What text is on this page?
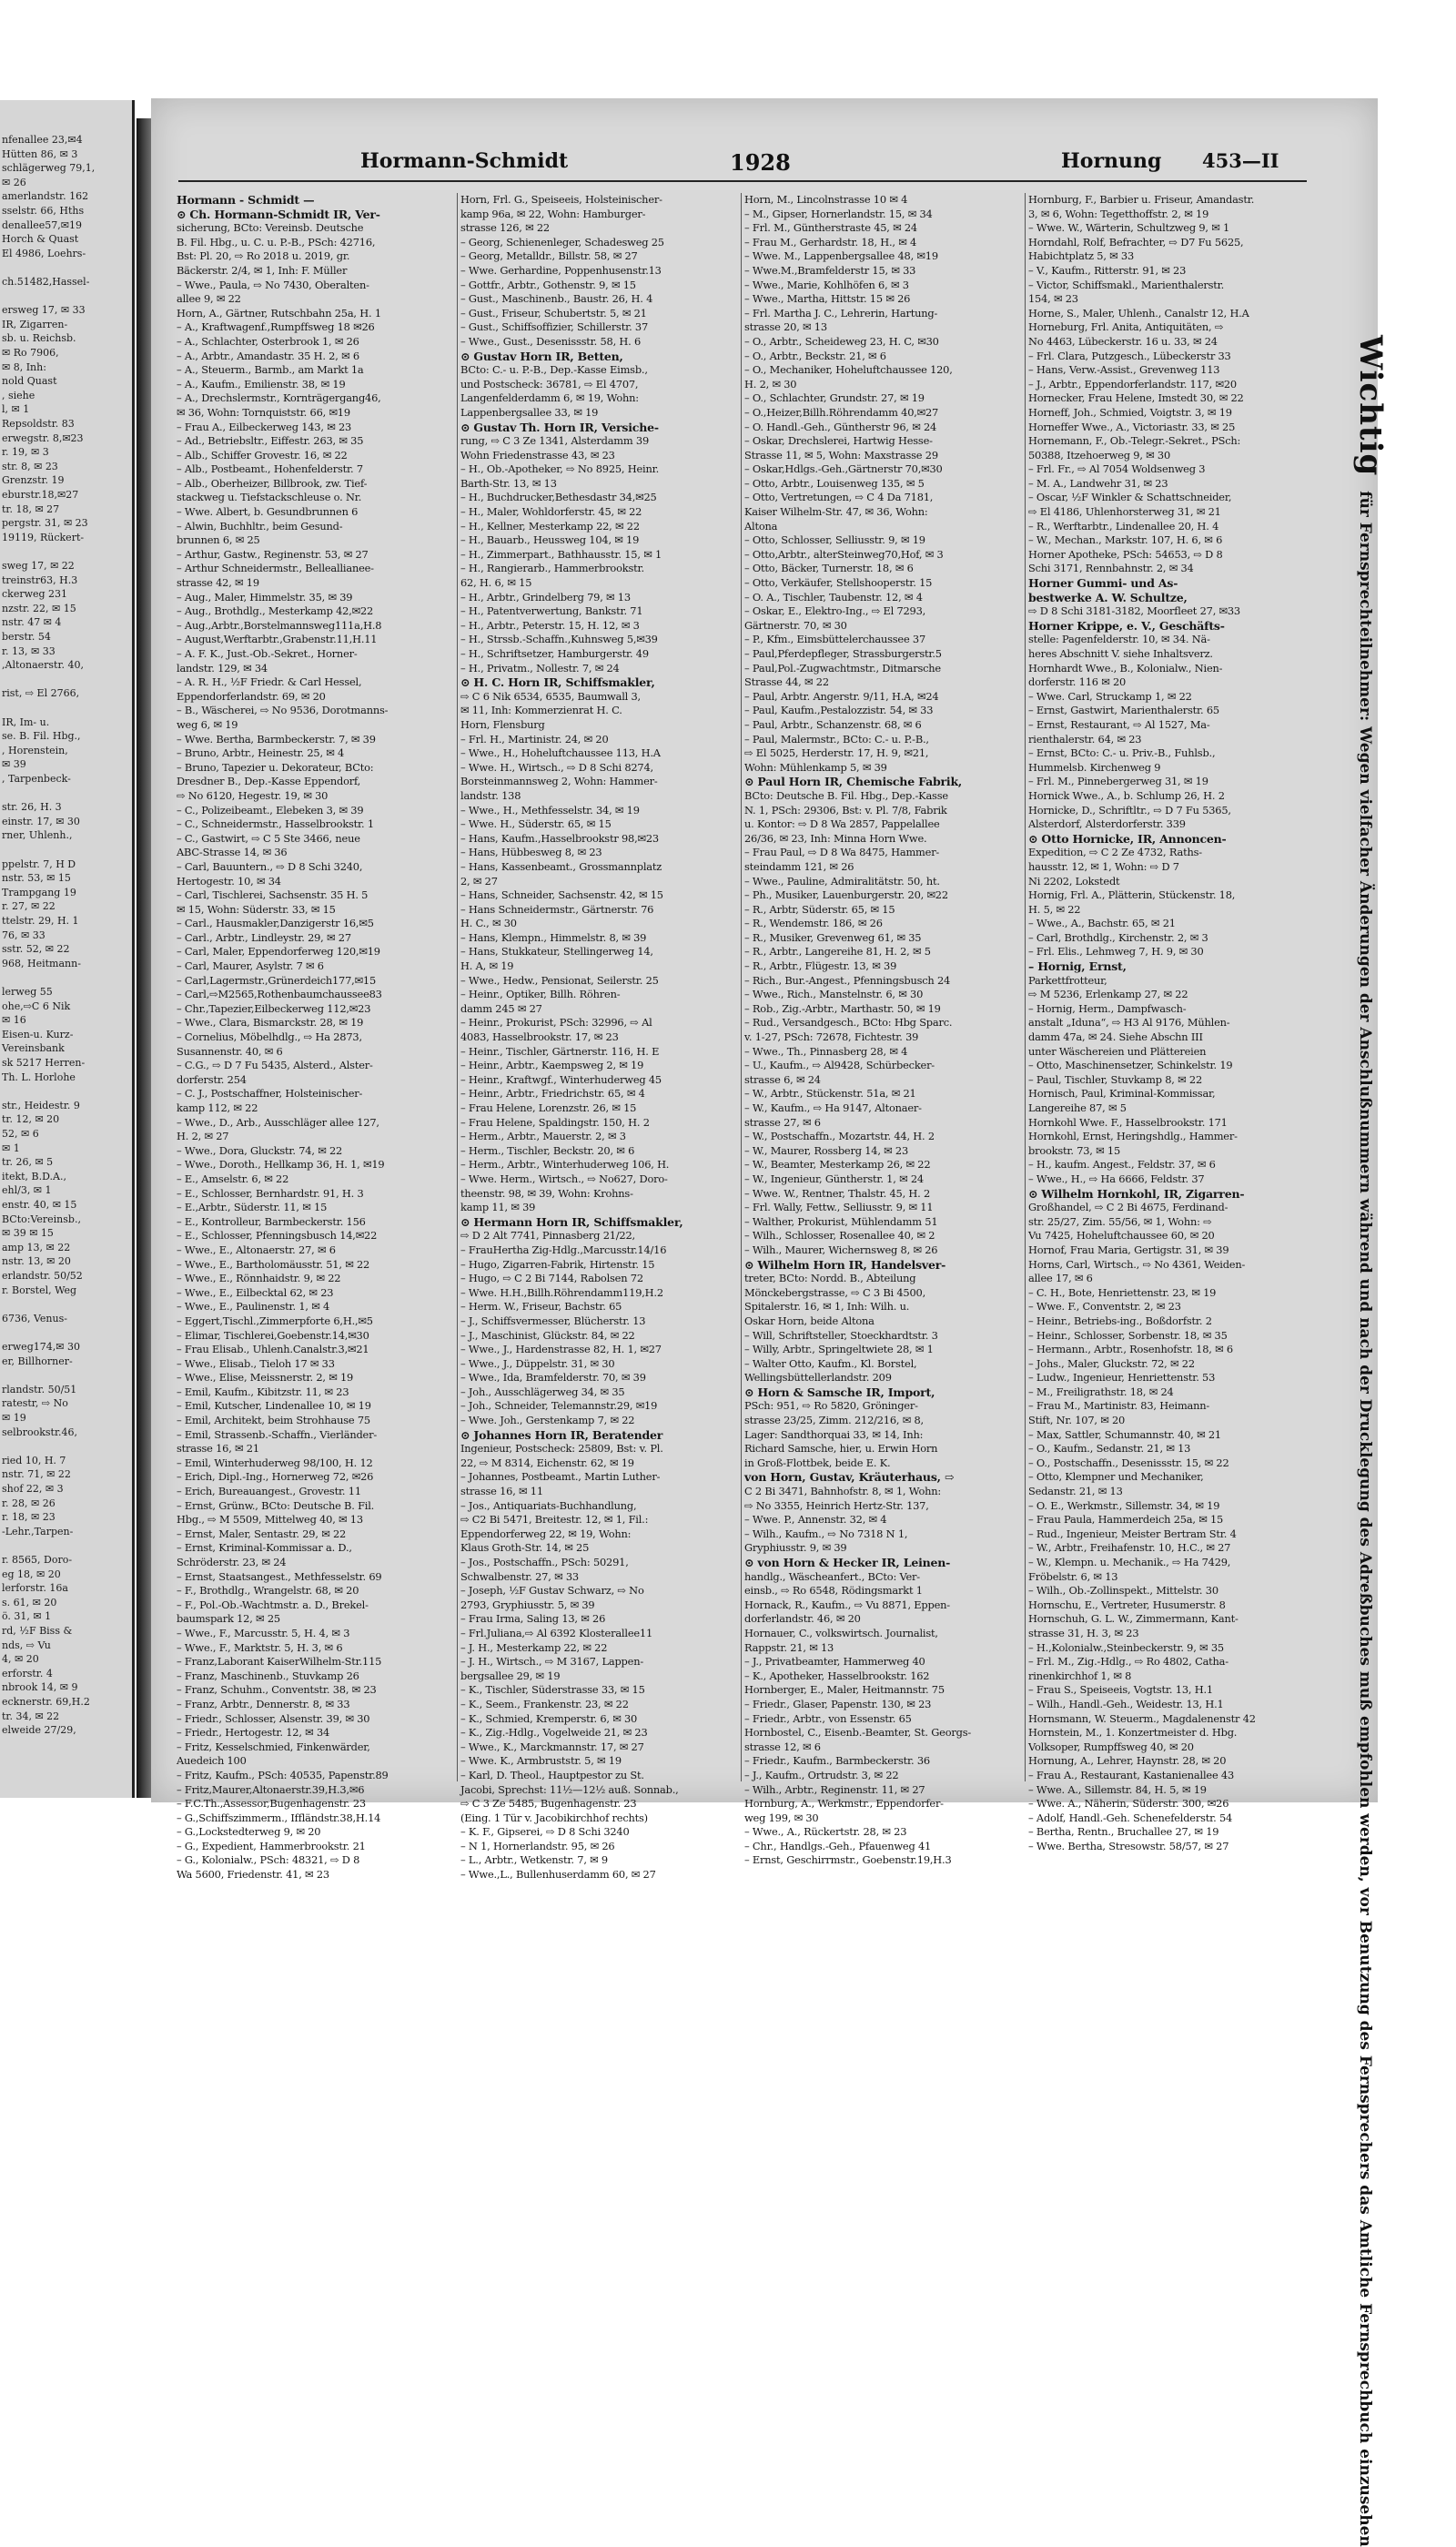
nfenallee 23,✉4
Hütten 86, ✉ 3
schlägerweg 79,1,
✉ 26
amerlandstr. 162
sselstr. 66, Hths
denallee57,✉19
Horch & Quast
El 4986, Loehrs-
ch.51482,Hassel-
ersweg 17, ✉ 33
IR, Zigarren-
sb. u. Reichsb.
✉ Ro 7906,
✉ 8, Inh:
nold Quast
, siehe
l, ✉ 1
Repsoldstr. 83
erwegstr. 8,✉23
r. 19, ✉ 3
str. 8, ✉ 23
Grenzstr. 19
eburstr.18,✉27
tr. 18, ✉ 27
pergstr. 31, ✉ 23
19119, Rückert-
sweg 17, ✉ 22
treinstr63, H.3
ckerweg 231
nzstr. 22, ✉ 15
nstr. 47 ✉ 4
berstr. 54
r. 13, ✉ 33
,Altonaerstr. 40,
rist, ⇨ El 2766,
IR, Im- u.
se. B. Fil. Hbg.,
, Horenstein,
✉ 39
, Tarpenbeck-
str. 26, H. 3
einstr. 17, ✉ 30
rner, Uhlenh.,
ppelstr. 7, H D
nstr. 53, ✉ 15
Trampgang 19
r. 27, ✉ 22
ttelstr. 29, H. 1
76, ✉ 33
sstr. 52, ✉ 22
968, Heitmann-
lerweg 55
ohe,⇨C 6 Nik
✉ 16
Eisen-u. Kurz-
Vereinsbank
sk 5217 Herren-
Th. L. Horlohe
str., Heidestr. 9
tr. 12, ✉ 20
52, ✉ 6
✉ 1
tr. 26, ✉ 5
itekt, B.D.A.,
ehl/3, ✉ 1
enstr. 40, ✉ 15
BCto:Vereinsb.,
✉ 39 ✉ 15
amp 13, ✉ 22
nstr. 13, ✉ 20
erlandstr. 50/52
r. Borstel, Weg
6736, Venus-
erweg174,✉ 30
er, Billhorner-
rlandstr. 50/51
ratestr, ⇨ No
✉ 19
selbrookstr.46,
ried 10, H. 7
nstr. 71, ✉ 22
shof 22, ✉ 3
r. 28, ✉ 26
r. 18, ✉ 23
-Lehr.,Tarpen-
r. 8565, Doro-
eg 18, ✉ 20
lerforstr. 16a
s. 61, ✉ 20
ö. 31, ✉ 1
rd, ½F Biss &
nds, ⇨ Vu
4, ✉ 20
erforstr. 4
nbrook 14, ✉ 9
ecknerstr. 69,H.2
tr. 34, ✉ 22
elweide 27/29,
Hormann-Schmidt	1928	Hornung 453—II
Hormann - Schmidt —
⊙ Ch. Hormann-Schmidt IR, Ver-
sicherung, BCto: Vereinsb. Deutsche
B. Fil. Hbg., u. C. u. P.-B., PSch: 42716,
Bst: Pl. 20, ⇨ Ro 2018 u. 2019, gr.
Bäckerstr. 2/4, ✉ 1, Inh: F. Müller
– Wwe., Paula, ⇨ No 7430, Oberalten-
allee 9, ✉ 22
Horn, A., Gärtner, Rutschbahn 25a, H. 1
– A., Kraftwagenf.,Rumpffsweg 18 ✉26
– A., Schlachter, Osterbrook 1, ✉ 26
– A., Arbtr., Amandastr. 35 H. 2, ✉ 6
– A., Steuerm., Barmb., am Markt 1a
– A., Kaufm., Emilienstr. 38, ✉ 19
– A., Drechslermstr., Kornträgergang46,
✉ 36, Wohn: Tornquiststr. 66, ✉19
– Frau A., Eilbeckerweg 143, ✉ 23
– Ad., Betriebsltr., Eiffestr. 263, ✉ 35
– Alb., Schiffer Grovestr. 16, ✉ 22
– Alb., Postbeamt., Hohenfelderstr. 7
– Alb., Oberheizer, Billbrook, zw. Tief-
stackweg u. Tiefstackschleuse o. Nr.
– Wwe. Albert, b. Gesundbrunnen 6
– Alwin, Buchhltr., beim Gesund-
brunnen 6, ✉ 25
– Arthur, Gastw., Reginenstr. 53, ✉ 27
– Arthur Schneidermstr., Belleallianee-
strasse 42, ✉ 19
– Aug., Maler, Himmelstr. 35, ✉ 39
– Aug., Brothdlg., Mesterkamp 42,✉22
– Aug.,Arbtr.,Borstelmannsweg111a,H.8
– August,Werftarbtr.,Grabenstr.11,H.11
– A. F. K., Just.-Ob.-Sekret., Horner-
landstr. 129, ✉ 34
– A. R. H., ½F Friedr. & Carl Hessel,
Eppendorferlandstr. 69, ✉ 20
– B., Wäscherei, ⇨ No 9536, Dorotmanns-
weg 6, ✉ 19
– Wwe. Bertha, Barmbeckerstr. 7, ✉ 39
– Bruno, Arbtr., Heinestr. 25, ✉ 4
– Bruno, Tapezier u. Dekorateur, BCto:
Dresdner B., Dep.-Kasse Eppendorf,
⇨ No 6120, Hegestr. 19, ✉ 30
– C., Polizeibeamt., Elebeken 3, ✉ 39
– C., Schneidermstr., Hasselbrookstr. 1
– C., Gastwirt, ⇨ C 5 Ste 3466, neue
ABC-Strasse 14, ✉ 36
– Carl, Bauuntern., ⇨ D 8 Schi 3240,
Hertogestr. 10, ✉ 34
– Carl, Tischlerei, Sachsenstr. 35 H. 5
✉ 15, Wohn: Süderstr. 33, ✉ 15
– Carl., Hausmakler,Danzigerstr 16,✉5
– Carl., Arbtr., Lindleystr. 29, ✉ 27
– Carl, Maler, Eppendorferweg 120,✉19
– Carl, Maurer, Asylstr. 7 ✉ 6
– Carl,Lagermstr.,Grünerdeich177,✉15
– Carl,⇨M2565,Rothenbaumchaussee83
– Chr.,Tapezier,Eilbeckerweg 112,✉23
– Wwe., Clara, Bismarckstr. 28, ✉ 19
– Cornelius, Möbelhdlg., ⇨ Ha 2873,
Susannenstr. 40, ✉ 6
– C.G., ⇨ D 7 Fu 5435, Alsterd., Alster-
dorferstr. 254
– C. J., Postschaffner, Holsteinischer-
kamp 112, ✉ 22
– Wwe., D., Arb., Ausschläger allee 127,
H. 2, ✉ 27
– Wwe., Dora, Gluckstr. 74, ✉ 22
– Wwe., Doroth., Hellkamp 36, H. 1, ✉19
– E., Amselstr. 6, ✉ 22
– E., Schlosser, Bernhardstr. 91, H. 3
– E.,Arbtr., Süderstr. 11, ✉ 15
– E., Kontrolleur, Barmbeckerstr. 156
– E., Schlosser, Pfenningsbusch 14,✉22
– Wwe., E., Altonaerstr. 27, ✉ 6
– Wwe., E., Bartholomäusstr. 51, ✉ 22
– Wwe., E., Rönnhaidstr. 9, ✉ 22
– Wwe., E., Eilbecktal 62, ✉ 23
– Wwe., E., Paulinenstr. 1, ✉ 4
– Eggert,Tischl.,Zimmerpforte 6,H.,✉5
– Elimar, Tischlerei,Goebenstr.14,✉30
– Frau Elisab., Uhlenh.Canalstr.3,✉21
– Wwe., Elisab., Tieloh 17 ✉ 33
– Wwe., Elise, Meissnerstr. 2, ✉ 19
– Emil, Kaufm., Kibitzstr. 11, ✉ 23
– Emil, Kutscher, Lindenallee 10, ✉ 19
– Emil, Architekt, beim Strohhause 75
– Emil, Strassenb.-Schaffn., Vierländer-
strasse 16, ✉ 21
– Emil, Winterhuderweg 98/100, H. 12
– Erich, Dipl.-Ing., Hornerweg 72, ✉26
– Erich, Bureauangest., Grovestr. 11
– Ernst, Grünw., BCto: Deutsche B. Fil.
Hbg., ⇨ M 5509, Mittelweg 40, ✉ 13
– Ernst, Maler, Sentastr. 29, ✉ 22
– Ernst, Kriminal-Kommissar a. D.,
Schröderstr. 23, ✉ 24
– Ernst, Staatsangest., Methfesselstr. 69
– F., Brothdlg., Wrangelstr. 68, ✉ 20
– F., Pol.-Ob.-Wachtmstr. a. D., Brekel-
baumspark 12, ✉ 25
– Wwe., F., Marcusstr. 5, H. 4, ✉ 3
– Wwe., F., Marktstr. 5, H. 3, ✉ 6
– Franz,Laborant KaiserWilhelm-Str.115
– Franz, Maschinenb., Stuvkamp 26
– Franz, Schuhm., Conventstr. 38, ✉ 23
– Franz, Arbtr., Dennerstr. 8, ✉ 33
– Friedr., Schlosser, Alsenstr. 39, ✉ 30
– Friedr., Hertogestr. 12, ✉ 34
– Fritz, Kesselschmied, Finkenwärder,
Auedeich 100
– Fritz, Kaufm., PSch: 40535, Papenstr.89
– Fritz,Maurer,Altonaerstr.39,H.3,✉6
– F.C.Th.,Assessor,Bugenhagenstr. 23
– G.,Schiffszimmerm., Iffländstr.38,H.14
– G.,Lockstedterweg 9, ✉ 20
– G., Expedient, Hammerbrookstr. 21
– G., Kolonialw., PSch: 48321, ⇨ D 8
Wa 5600, Friedenstr. 41, ✉ 23
Horn, Frl. G., Speiseeis, Holsteinischer-
kamp 96a, ✉ 22, Wohn: Hamburger-
strasse 126, ✉ 22
– Georg, Schienenleger, Schadesweg 25
– Georg, Metalldr., Billstr. 58, ✉ 27
– Wwe. Gerhardine, Poppenhusenstr.13
– Gottfr., Arbtr., Gothenstr. 9, ✉ 15
– Gust., Maschinenb., Baustr. 26, H. 4
– Gust., Friseur, Schubertstr. 5, ✉ 21
– Gust., Schiffsoffizier, Schillerstr. 37
– Wwe., Gust., Desenissstr. 58, H. 6
⊙ Gustav Horn IR, Betten,
BCto: C.- u. P.-B., Dep.-Kasse Eimsb.,
und Postscheck: 36781, ⇨ El 4707,
Langenfelderdamm 6, ✉ 19, Wohn:
Lappenbergsallee 33, ✉ 19
⊙ Gustav Th. Horn IR, Versiche-
rung, ⇨ C 3 Ze 1341, Alsterdamm 39
Wohn Friedenstrasse 43, ✉ 23
– H., Ob.-Apotheker, ⇨ No 8925, Heinr.
Barth-Str. 13, ✉ 13
– H., Buchdrucker,Bethesdastr 34,✉25
– H., Maler, Wohldorferstr. 45, ✉ 22
– H., Kellner, Mesterkamp 22, ✉ 22
– H., Bauarb., Heussweg 104, ✉ 19
– H., Zimmerpart., Bathhausstr. 15, ✉ 1
– H., Rangierarb., Hammerbrookstr.
62, H. 6, ✉ 15
– H., Arbtr., Grindelberg 79, ✉ 13
– H., Patentverwertung, Bankstr. 71
– H., Arbtr., Peterstr. 15, H. 12, ✉ 3
– H., Strssb.-Schaffn.,Kuhnsweg 5,✉39
– H., Schriftsetzer, Hamburgerstr. 49
– H., Privatm., Nollestr. 7, ✉ 24
⊙ H. C. Horn IR, Schiffsmakler,
⇨ C 6 Nik 6534, 6535, Baumwall 3,
✉ 11, Inh: Kommerzienrat H. C.
Horn, Flensburg
– Frl. H., Martinistr. 24, ✉ 20
– Wwe., H., Hoheluftchaussee 113, H.A
– Wwe. H., Wirtsch., ⇨ D 8 Schi 8274,
Borsteinmannsweg 2, Wohn: Hammer-
landstr. 138
– Wwe., H., Methfesselstr. 34, ✉ 19
– Wwe. H., Süderstr. 65, ✉ 15
– Hans, Kaufm.,Hasselbrookstr 98,✉23
– Hans, Hübbesweg 8, ✉ 23
– Hans, Kassenbeamt., Grossmannplatz
2, ✉ 27
– Hans, Schneider, Sachsenstr. 42, ✉ 15
– Hans Schneidermstr., Gärtnerstr. 76
H. C., ✉ 30
– Hans, Klempn., Himmelstr. 8, ✉ 39
– Hans, Stukkateur, Stellingerweg 14,
H. A, ✉ 19
– Wwe., Hedw., Pensionat, Seilerstr. 25
– Heinr., Optiker, Billh. Röhren-
damm 245 ✉ 27
– Heinr., Prokurist, PSch: 32996, ⇨ Al
4083, Hasselbrookstr. 17, ✉ 23
– Heinr., Tischler, Gärtnerstr. 116, H. E
– Heinr., Arbtr., Kaempsweg 2, ✉ 19
– Heinr., Kraftwgf., Winterhuderweg 45
– Heinr., Arbtr., Friedrichstr. 65, ✉ 4
– Frau Helene, Lorenzstr. 26, ✉ 15
– Frau Helene, Spaldingstr. 150, H. 2
– Herm., Arbtr., Mauerstr. 2, ✉ 3
– Herm., Tischler, Beckstr. 20, ✉ 6
– Herm., Arbtr., Winterhuderweg 106, H.
– Wwe. Herm., Wirtsch., ⇨ No627, Doro-
theenstr. 98, ✉ 39, Wohn: Krohns-
kamp 11, ✉ 39
⊙ Hermann Horn IR, Schiffsmakler,
⇨ D 2 Alt 7741, Pinnasberg 21/22,
– FrauHertha Zig-Hdlg.,Marcusstr.14/16
– Hugo, Zigarren-Fabrik, Hirtenstr. 15
– Hugo, ⇨ C 2 Bi 7144, Rabolsen 72
– Wwe. H.H.,Billh.Röhrendamm119,H.2
– Herm. W., Friseur, Bachstr. 65
– J., Schiffsvermesser, Blücherstr. 13
– J., Maschinist, Glückstr. 84, ✉ 22
– Wwe., J., Hardenstrasse 82, H. 1, ✉27
– Wwe., J., Düppelstr. 31, ✉ 30
– Wwe., Ida, Bramfelderstr. 70, ✉ 39
– Joh., Ausschlägerweg 34, ✉ 35
– Joh., Schneider, Telemannstr.29, ✉19
– Wwe. Joh., Gerstenkamp 7, ✉ 22
⊙ Johannes Horn IR, Beratender
Ingenieur, Postscheck: 25809, Bst: v. Pl.
22, ⇨ M 8314, Eichenstr. 62, ✉ 19
– Johannes, Postbeamt., Martin Luther-
strasse 16, ✉ 11
– Jos., Antiquariats-Buchhandlung,
⇨ C2 Bi 5471, Breitestr. 12, ✉ 1, Fil.:
Eppendorferweg 22, ✉ 19, Wohn:
Klaus Groth-Str. 14, ✉ 25
– Jos., Postschaffn., PSch: 50291,
Schwalbenstr. 27, ✉ 33
– Joseph, ½F Gustav Schwarz, ⇨ No
2793, Gryphiusstr. 5, ✉ 39
– Frau Irma, Saling 13, ✉ 26
– Frl.Juliana,⇨ Al 6392 Klosterallee11
– J. H., Mesterkamp 22, ✉ 22
– J. H., Wirtsch., ⇨ M 3167, Lappen-
bergsallee 29, ✉ 19
– K., Tischler, Süderstrasse 33, ✉ 15
– K., Seem., Frankenstr. 23, ✉ 22
– K., Schmied, Kremperstr. 6, ✉ 30
– K., Zig.-Hdlg., Vogelweide 21, ✉ 23
– Wwe., K., Marckmannstr. 17, ✉ 27
– Wwe. K., Armbruststr. 5, ✉ 19
– Karl, D. Theol., Hauptpestor zu St.
Jacobi, Sprechst: 11½—12½ auß. Sonnab.,
⇨ C 3 Ze 5485, Bugenhagenstr. 23
(Eing. 1 Tür v. Jacobikirchhof rechts)
– K. F., Gipserei, ⇨ D 8 Schi 3240
– N 1, Hornerlandstr. 95, ✉ 26
– L., Arbtr., Wetkenstr. 7, ✉ 9
– Wwe.,L., Bullenhuserdamm 60, ✉ 27
Horn, M., Lincolnstrasse 10 ✉ 4
– M., Gipser, Hornerlandstr. 15, ✉ 34
– Frl. M., Güntherstraste 45, ✉ 24
– Frau M., Gerhardstr. 18, H., ✉ 4
– Wwe. M., Lappenbergsallee 48, ✉19
– Wwe.M.,Bramfelderstr 15, ✉ 33
– Wwe., Marie, Kohlhöfen 6, ✉ 3
– Wwe., Martha, Hittstr. 15 ✉ 26
– Frl. Martha J. C., Lehrerin, Hartung-
strasse 20, ✉ 13
– O., Arbtr., Scheideweg 23, H. C, ✉30
– O., Arbtr., Beckstr. 21, ✉ 6
– O., Mechaniker, Hoheluftchaussee 120,
H. 2, ✉ 30
– O., Schlachter, Grundstr. 27, ✉ 19
– O.,Heizer,Billh.Röhrendamm 40,✉27
– O. Handl.-Geh., Güntherstr 96, ✉ 24
– Oskar, Drechslerei, Hartwig Hesse-
Strasse 11, ✉ 5, Wohn: Maxstrasse 29
– Oskar,Hdlgs.-Geh.,Gärtnerstr 70,✉30
– Otto, Arbtr., Louisenweg 135, ✉ 5
– Otto, Vertretungen, ⇨ C 4 Da 7181,
Kaiser Wilhelm-Str. 47, ✉ 36, Wohn:
Altona
– Otto, Schlosser, Selliusstr. 9, ✉ 19
– Otto,Arbtr., alterSteinweg70,Hof, ✉ 3
– Otto, Bäcker, Turnerstr. 18, ✉ 6
– Otto, Verkäufer, Stellshooperstr. 15
– O. A., Tischler, Taubenstr. 12, ✉ 4
– Oskar, E., Elektro-Ing., ⇨ El 7293,
Gärtnerstr. 70, ✉ 30
– P., Kfm., Eimsbüttelerchaussee 37
– Paul,Pferdepfleger, Strassburgerstr.5
– Paul,Pol.-Zugwachtmstr., Ditmarsche
Strasse 44, ✉ 22
– Paul, Arbtr. Angerstr. 9/11, H.A, ✉24
– Paul, Kaufm.,Pestalozzistr. 54, ✉ 33
– Paul, Arbtr., Schanzenstr. 68, ✉ 6
– Paul, Malermstr., BCto: C.- u. P.-B.,
⇨ El 5025, Herderstr. 17, H. 9, ✉21,
Wohn: Mühlenkamp 5, ✉ 39
⊙ Paul Horn IR, Chemische Fabrik,
BCto: Deutsche B. Fil. Hbg., Dep.-Kasse
N. 1, PSch: 29306, Bst: v. Pl. 7/8, Fabrik
u. Kontor: ⇨ D 8 Wa 2857, Pappelallee
26/36, ✉ 23, Inh: Minna Horn Wwe.
– Frau Paul, ⇨ D 8 Wa 8475, Hammer-
steindamm 121, ✉ 26
– Wwe., Pauline, Admiralitätstr. 50, ht.
– Ph., Musiker, Lauenburgerstr. 20, ✉22
– R., Arbtr, Süderstr. 65, ✉ 15
– R., Wendemstr. 186, ✉ 26
– R., Musiker, Grevenweg 61, ✉ 35
– R., Arbtr., Langereihe 81, H. 2, ✉ 5
– R., Arbtr., Flügestr. 13, ✉ 39
– Rich., Bur.-Angest., Pfenningsbusch 24
– Wwe., Rich., Manstelnstr. 6, ✉ 30
– Rob., Zig.-Arbtr., Marthastr. 50, ✉ 19
– Rud., Versandgesch., BCto: Hbg Sparc.
v. 1-27, PSch: 72678, Fichtestr. 39
– Wwe., Th., Pinnasberg 28, ✉ 4
– U., Kaufm., ⇨ Al9428, Schürbecker-
strasse 6, ✉ 24
– W., Arbtr., Stückenstr. 51a, ✉ 21
– W., Kaufm., ⇨ Ha 9147, Altonaer-
strasse 27, ✉ 6
– W., Postschaffn., Mozartstr. 44, H. 2
– W., Maurer, Rossberg 14, ✉ 23
– W., Beamter, Mesterkamp 26, ✉ 22
– W., Ingenieur, Güntherstr. 1, ✉ 24
– Wwe. W., Rentner, Thalstr. 45, H. 2
– Frl. Wally, Fettw., Selliusstr. 9, ✉ 11
– Walther, Prokurist, Mühlendamm 51
– Wilh., Schlosser, Rosenallee 40, ✉ 2
– Wilh., Maurer, Wichernsweg 8, ✉ 26
⊙ Wilhelm Horn IR, Handelsver-
treter, BCto: Nordd. B., Abteilung
Mönckebergstrasse, ⇨ C 3 Bi 4500,
Spitalerstr. 16, ✉ 1, Inh: Wilh. u.
Oskar Horn, beide Altona
– Will, Schriftsteller, Stoeckhardtstr. 3
– Willy, Arbtr., Springeltwiete 28, ✉ 1
– Walter Otto, Kaufm., Kl. Borstel,
Wellingsbüttellerlandstr. 209
⊙ Horn & Samsche IR, Import,
PSch: 951, ⇨ Ro 5820, Gröninger-
strasse 23/25, Zimm. 212/216, ✉ 8,
Lager: Sandthorquai 33, ✉ 14, Inh:
Richard Samsche, hier, u. Erwin Horn
in Groß-Flottbek, beide E. K.
von Horn, Gustav, Kräuterhaus, ⇨
C 2 Bi 3471, Bahnhofstr. 8, ✉ 1, Wohn:
⇨ No 3355, Heinrich Hertz-Str. 137,
– Wwe. P., Annenstr. 32, ✉ 4
– Wilh., Kaufm., ⇨ No 7318 N 1,
Gryphiusstr. 9, ✉ 39
⊙ von Horn & Hecker IR, Leinen-
handlg., Wäscheanfert., BCto: Ver-
einsb., ⇨ Ro 6548, Rödingsmarkt 1
Hornack, R., Kaufm., ⇨ Vu 8871, Eppen-
dorferlandstr. 46, ✉ 20
Hornauer, C., volkswirtsch. Journalist,
Rappstr. 21, ✉ 13
– J., Privatbeamter, Hammerweg 40
– K., Apotheker, Hasselbrookstr. 162
Hornberger, E., Maler, Heitmannstr. 75
– Friedr., Glaser, Papenstr. 130, ✉ 23
– Friedr., Arbtr., von Essenstr. 65
Hornbostel, C., Eisenb.-Beamter, St. Georgs-
strasse 12, ✉ 6
– Friedr., Kaufm., Barmbeckerstr. 36
– J., Kaufm., Ortrudstr. 3, ✉ 22
– Wilh., Arbtr., Reginenstr. 11, ✉ 27
Hornburg, A., Werkmstr., Eppendorfer-
weg 199, ✉ 30
– Wwe., A., Rückertstr. 28, ✉ 23
– Chr., Handlgs.-Geh., Pfauenweg 41
– Ernst, Geschirrmstr., Goebenstr.19,H.3
Hornburg, F., Barbier u. Friseur, Amandastr.
3, ✉ 6, Wohn: Tegetthoffstr. 2, ✉ 19
– Wwe. W., Wärterin, Schultzweg 9, ✉ 1
Horndahl, Rolf, Befrachter, ⇨ D7 Fu 5625,
Habichtplatz 5, ✉ 33
– V., Kaufm., Ritterstr. 91, ✉ 23
– Victor, Schiffsmakl., Marienthalerstr.
154, ✉ 23
Horne, S., Maler, Uhlenh., Canalstr 12, H.A
Horneburg, Frl. Anita, Antiquitäten, ⇨
No 4463, Lübeckerstr. 16 u. 33, ✉ 24
– Frl. Clara, Putzgesch., Lübeckerstr 33
– Hans, Verw.-Assist., Grevenweg 113
– J., Arbtr., Eppendorferlandstr. 117, ✉20
Hornecker, Frau Helene, Imstedt 30, ✉ 22
Horneff, Joh., Schmied, Voigtstr. 3, ✉ 19
Horneffer Wwe., A., Victoriastr. 33, ✉ 25
Hornemann, F., Ob.-Telegr.-Sekret., PSch:
50388, Itzehoerweg 9, ✉ 30
– Frl. Fr., ⇨ Al 7054 Woldsenweg 3
– M. A., Landwehr 31, ✉ 23
– Oscar, ½F Winkler & Schattschneider,
⇨ El 4186, Uhlenhorsterweg 31, ✉ 21
– R., Werftarbtr., Lindenallee 20, H. 4
– W., Mechan., Markstr. 107, H. 6, ✉ 6
Horner Apotheke, PSch: 54653, ⇨ D 8
Schi 3171, Rennbahnstr. 2, ✉ 34
Horner Gummi- und As-
bestwerke A. W. Schultze,
⇨ D 8 Schi 3181-3182, Moorfleet 27, ✉33
Horner Krippe, e. V., Geschäfts-
stelle: Pagenfelderstr. 10, ✉ 34. Nä-
heres Abschnitt V. siehe Inhaltsverz.
Hornhardt Wwe., B., Kolonialw., Nien-
dorferstr. 116 ✉ 20
– Wwe. Carl, Struckamp 1, ✉ 22
– Ernst, Gastwirt, Marienthalerstr. 65
– Ernst, Restaurant, ⇨ Al 1527, Ma-
rienthalerstr. 64, ✉ 23
– Ernst, BCto: C.- u. Priv.-B., Fuhlsb.,
Hummelsb. Kirchenweg 9
– Frl. M., Pinnebergerweg 31, ✉ 19
Hornick Wwe., A., b. Schlump 26, H. 2
Hornicke, D., Schriftltr., ⇨ D 7 Fu 5365,
Alsterdorf, Alsterdorferstr. 339
⊙ Otto Hornicke, IR, Annoncen-
Expedition, ⇨ C 2 Ze 4732, Raths-
hausstr. 12, ✉ 1, Wohn: ⇨ D 7
Ni 2202, Lokstedt
Hornig, Frl. A., Plätterin, Stückenstr. 18,
H. 5, ✉ 22
– Wwe., A., Bachstr. 65, ✉ 21
– Carl, Brothdlg., Kirchenstr. 2, ✉ 3
– Frl. Elis., Lehmweg 7, H. 9, ✉ 30
– Hornig, Ernst,
Parkettfrotteur,
⇨ M 5236, Erlenkamp 27, ✉ 22
– Hornig, Herm., Dampfwasch-
anstalt „Iduna“, ⇨ H3 Al 9176, Mühlen-
damm 47a, ✉ 24. Siehe Abschn III
unter Wäschereien und Plättereien
– Otto, Maschinensetzer, Schinkelstr. 19
– Paul, Tischler, Stuvkamp 8, ✉ 22
Hornisch, Paul, Kriminal-Kommissar,
Langereihe 87, ✉ 5
Hornkohl Wwe. F., Hasselbrookstr. 171
Hornkohl, Ernst, Heringshdlg., Hammer-
brookstr. 73, ✉ 15
– H., kaufm. Angest., Feldstr. 37, ✉ 6
– Wwe., H., ⇨ Ha 6666, Feldstr. 37
⊙ Wilhelm Hornkohl, IR, Zigarren-
Großhandel, ⇨ C 2 Bi 4675, Ferdinand-
str. 25/27, Zim. 55/56, ✉ 1, Wohn: ⇨
Vu 7425, Hoheluftchaussee 60, ✉ 20
Hornof, Frau Maria, Gertigstr. 31, ✉ 39
Horns, Carl, Wirtsch., ⇨ No 4361, Weiden-
allee 17, ✉ 6
– C. H., Bote, Henriettenstr. 23, ✉ 19
– Wwe. F., Conventstr. 2, ✉ 23
– Heinr., Betriebs-ing., Boßdorfstr. 2
– Heinr., Schlosser, Sorbenstr. 18, ✉ 35
– Hermann., Arbtr., Rosenhofstr. 18, ✉ 6
– Johs., Maler, Gluckstr. 72, ✉ 22
– Ludw., Ingenieur, Henriettenstr. 53
– M., Freiligrathstr. 18, ✉ 24
– Frau M., Martinistr. 83, Heimann-
Stift, Nr. 107, ✉ 20
– Max, Sattler, Schumannstr. 40, ✉ 21
– O., Kaufm., Sedanstr. 21, ✉ 13
– O., Postschaffn., Desenissstr. 15, ✉ 22
– Otto, Klempner und Mechaniker,
Sedanstr. 21, ✉ 13
– O. E., Werkmstr., Sillemstr. 34, ✉ 19
– Frau Paula, Hammerdeich 25a, ✉ 15
– Rud., Ingenieur, Meister Bertram Str. 4
– W., Arbtr., Freihafenstr. 10, H.C., ✉ 27
– W., Klempn. u. Mechanik., ⇨ Ha 7429,
Fröbelstr. 6, ✉ 13
– Wilh., Ob.-Zollinspekt., Mittelstr. 30
Hornschu, E., Vertreter, Husumerstr. 8
Hornschuh, G. L. W., Zimmermann, Kant-
strasse 31, H. 3, ✉ 23
– H.,Kolonialw.,Steinbeckerstr. 9, ✉ 35
– Frl. M., Zig.-Hdlg., ⇨ Ro 4802, Catha-
rinenkirchhof 1, ✉ 8
– Frau S., Speiseeis, Vogtstr. 13, H.1
– Wilh., Handl.-Geh., Weidestr. 13, H.1
Hornsmann, W. Steuerm., Magdalenenstr 42
Hornstein, M., 1. Konzertmeister d. Hbg.
Volksoper, Rumpffsweg 40, ✉ 20
Hornung, A., Lehrer, Haynstr. 28, ✉ 20
– Frau A., Restaurant, Kastanienallee 43
– Wwe. A., Sillemstr. 84, H. 5, ✉ 19
– Wwe. A., Näherin, Süderstr. 300, ✉26
– Adolf, Handl.-Geh. Schenefelderstr. 54
– Bertha, Rentn., Bruchallee 27, ✉ 19
– Wwe. Bertha, Stresowstr. 58/57, ✉ 27
Wichtig für Fernsprechteilnehmer: Wegen vielfacher Änderungen der Anschlußnummern während und nach der Drucklegung des Adreßbuches muß empfohlen werden, vor Benutzung des Fernsprechers das Amtliche Fernsprechbuch einzusehen
